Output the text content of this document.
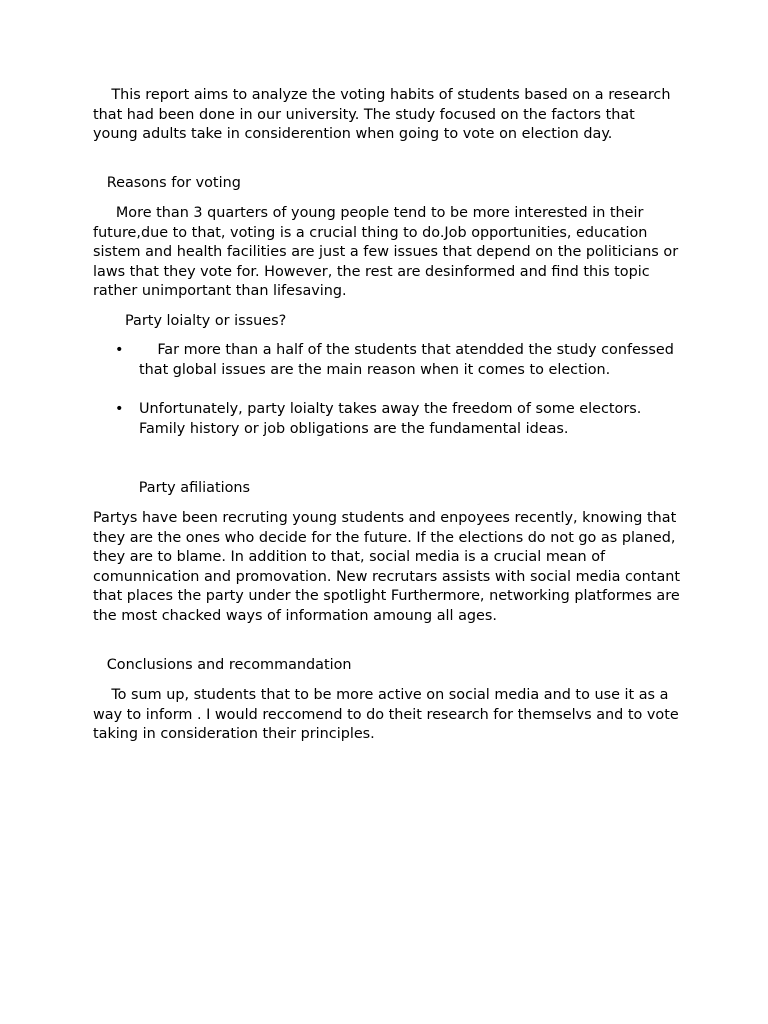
This report aims to analyze the voting habits of students based on a research that had been done in our university. The study focused on the factors that young adults take in considerention when going to vote on election day.

Reasons for voting

More than 3 quarters of young people tend to be more interested in their future,due to that, voting is a crucial thing to do.Job opportunities, education sistem and health facilities are just a few issues that depend on the politicians or laws that they vote for. However, the rest are desinformed and find this topic rather unimportant than lifesaving.

Party loialty or issues?

• Far more than a half of the students that atendded the study confessed that global issues are the main reason when it comes to election.
• Unfortunately, party loialty takes away the freedom of some electors. Family history or job obligations are the fundamental ideas.

Party afiliations

Partys have been recruting young students and enpoyees recently, knowing that they are the ones who decide for the future. If the elections do not go as planed, they are to blame. In addition to that, social media is a crucial mean of comunnication and promovation. New recrutars assists with social media contant that places the party under the spotlight Furthermore, networking platformes are the most chacked ways of information amoung all ages.

Conclusions and recommandation

To sum up, students that to be more active on social media and to use it as a way to inform . I would reccomend to do theit research for themselvs and to vote taking in consideration their principles.
